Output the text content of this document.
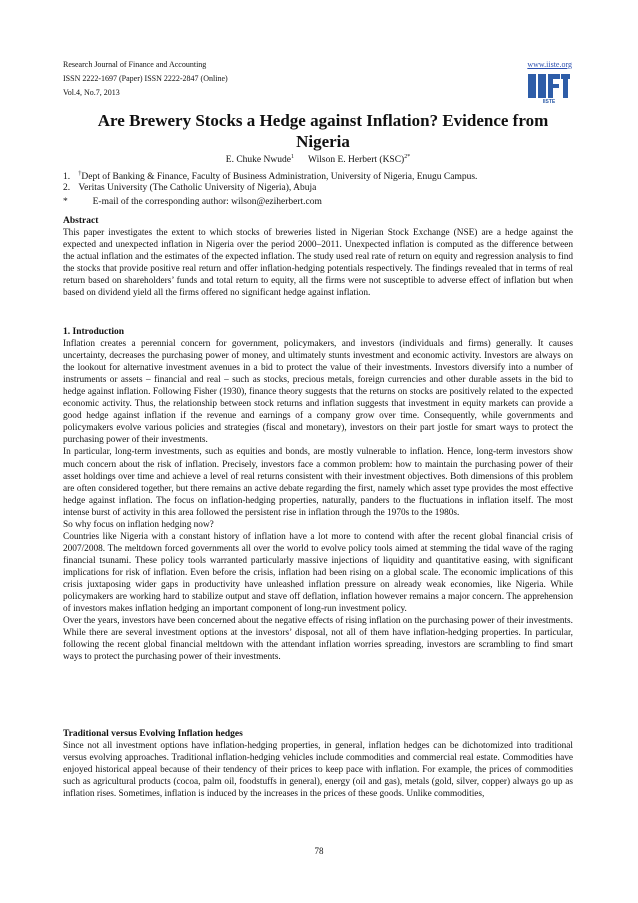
Research Journal of Finance and Accounting
ISSN 2222-1697 (Paper) ISSN 2222-2847 (Online)
Vol.4, No.7, 2013
www.iiste.org
IISTE
Are Brewery Stocks a Hedge against Inflation? Evidence from Nigeria
E. Chuke Nwude$^1$ Wilson E. Herbert (KSC)$^{2*}$
1. †Dept of Banking & Finance, Faculty of Business Administration, University of Nigeria, Enugu Campus.
2. Veritas University (The Catholic University of Nigeria), Abuja
*	E-mail of the corresponding author: wilson@eziherbert.com

Abstract

This paper investigates the extent to which stocks of breweries listed in Nigerian Stock Exchange (NSE) are a hedge against the expected and unexpected inflation in Nigeria over the period 2000–2011. Unexpected inflation is computed as the difference between the actual inflation and the estimates of the expected inflation. The study used real rate of return on equity and regression analysis to find the stocks that provide positive real return and offer inflation-hedging potentials respectively. The findings revealed that in terms of real return based on shareholders’ funds and total return to equity, all the firms were not susceptible to adverse effect of inflation but when based on dividend yield all the firms offered no significant hedge against inflation.

1. Introduction

Inflation creates a perennial concern for government, policymakers, and investors (individuals and firms) generally. It causes uncertainty, decreases the purchasing power of money, and ultimately stunts investment and economic activity. Investors are always on the lookout for alternative investment avenues in a bid to protect the value of their investments. Investors diversify into a number of instruments or assets – financial and real – such as stocks, precious metals, foreign currencies and other durable assets in the bid to hedge against inflation. Following Fisher (1930), finance theory suggests that the returns on stocks are positively related to the expected economic activity. Thus, the relationship between stock returns and inflation suggests that investment in equity markets can provide a good hedge against inflation if the revenue and earnings of a company grow over time. Consequently, while governments and policymakers evolve various policies and strategies (fiscal and monetary), investors on their part jostle for smart ways to protect the purchasing power of their investments.

In particular, long-term investments, such as equities and bonds, are mostly vulnerable to inflation. Hence, long-term investors show much concern about the risk of inflation. Precisely, investors face a common problem: how to maintain the purchasing power of their asset holdings over time and achieve a level of real returns consistent with their investment objectives. Both dimensions of this problem are often considered together, but there remains an active debate regarding the first, namely which asset type provides the most effective hedge against inflation. The focus on inflation-hedging properties, naturally, panders to the fluctuations in inflation itself. The most intense burst of activity in this area followed the persistent rise in inflation through the 1970s to the 1980s.

So why focus on inflation hedging now?

Countries like Nigeria with a constant history of inflation have a lot more to contend with after the recent global financial crisis of 2007/2008. The meltdown forced governments all over the world to evolve policy tools aimed at stemming the tidal wave of the raging financial tsunami. These policy tools warranted particularly massive injections of liquidity and quantitative easing, with significant implications for risk of inflation. Even before the crisis, inflation had been rising on a global scale. The economic implications of this crisis juxtaposing wider gaps in productivity have unleashed inflation pressure on already weak economies, like Nigeria. While policymakers are working hard to stabilize output and stave off deflation, inflation however remains a major concern. The apprehension of investors makes inflation hedging an important component of long-run investment policy.

Over the years, investors have been concerned about the negative effects of rising inflation on the purchasing power of their investments. While there are several investment options at the investors’ disposal, not all of them have inflation-hedging properties. In particular, following the recent global financial meltdown with the attendant inflation worries spreading, investors are scrambling to find smart ways to protect the purchasing power of their investments.

Traditional versus Evolving Inflation hedges

Since not all investment options have inflation-hedging properties, in general, inflation hedges can be dichotomized into traditional versus evolving approaches. Traditional inflation-hedging vehicles include commodities and commercial real estate. Commodities have enjoyed historical appeal because of their tendency of their prices to keep pace with inflation. For example, the prices of commodities such as agricultural products (cocoa, palm oil, foodstuffs in general), energy (oil and gas), metals (gold, silver, copper) always go up as inflation rises. Sometimes, inflation is induced by the increases in the prices of these goods. Unlike commodities,

78
